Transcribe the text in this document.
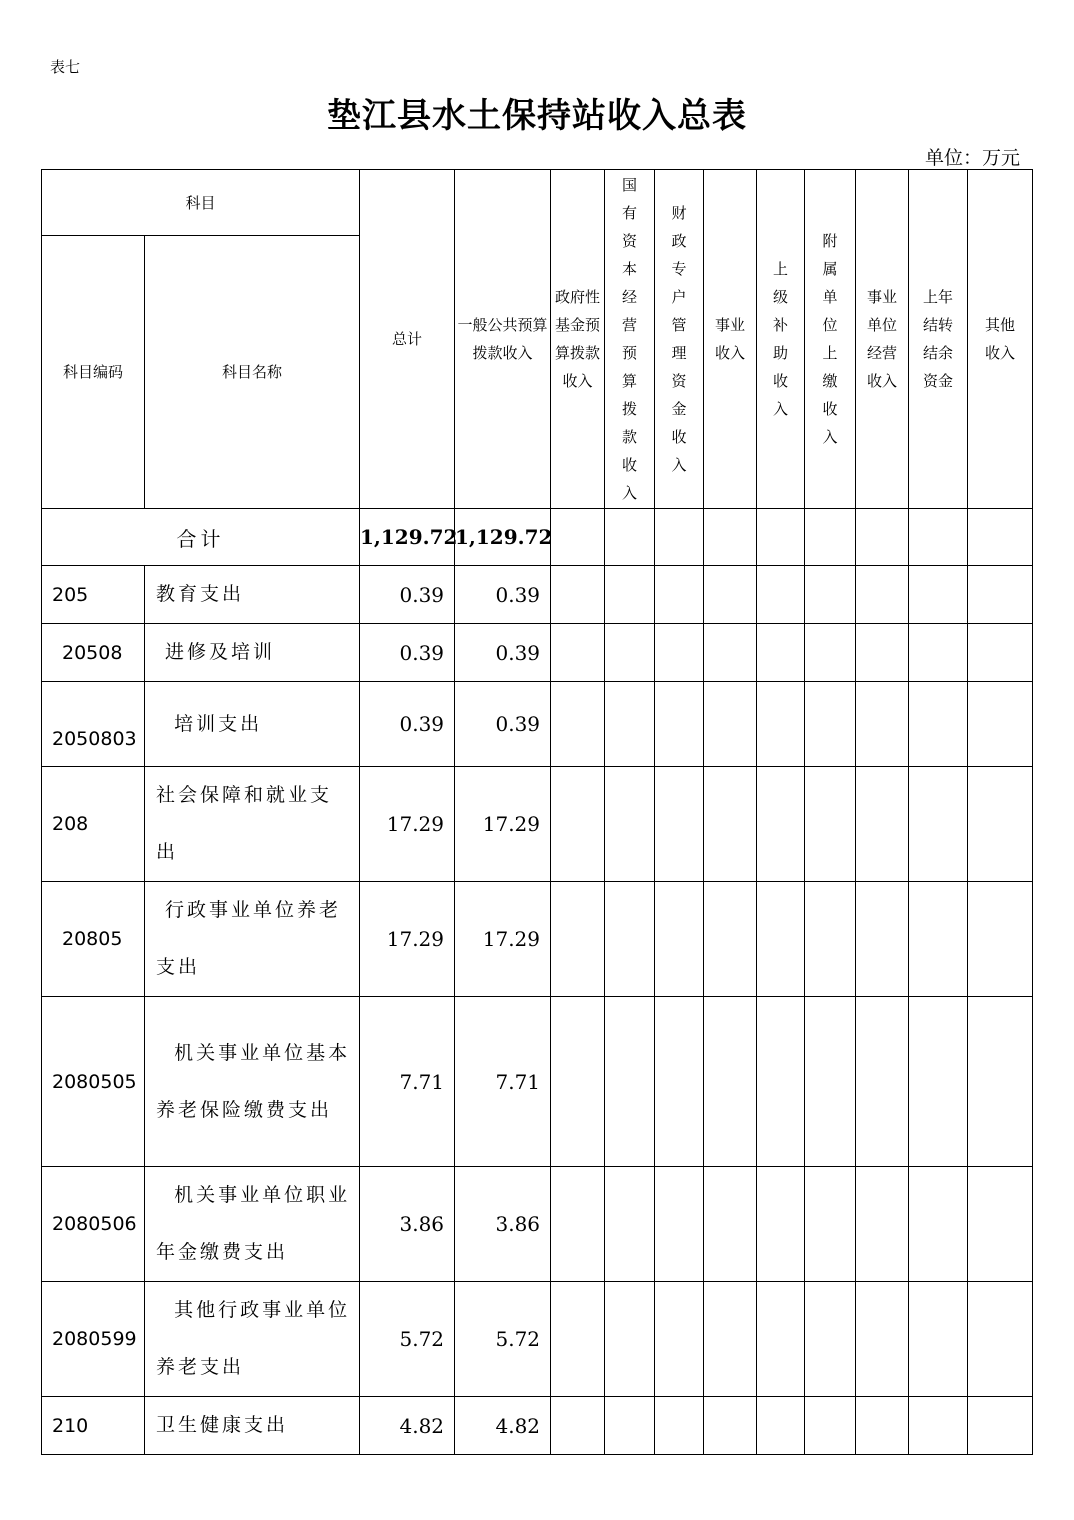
表七
垫江县水土保持站收入总表
单位：万元
科目		总计	一般公共预算拨款收入	政府性基金预算拨款收入	国有资本经营预算拨款收入	财政专户管理资金收入	事业收入	上级补助收入	附属单位上缴收入	事业单位经营收入	上年结转结余资金	其他收入

科目编码	科目名称											
合计		1,129.72	1,129.72									
205	教育支出	0.39	0.39									
20508	进修及培训	0.39	0.39									
2050803	培训支出	0.39	0.39									
208	社会保障和就业支出	17.29	17.29									
20805	行政事业单位养老支出	17.29	17.29									
2080505	机关事业单位基本养老保险缴费支出	7.71	7.71									
2080506	机关事业单位职业年金缴费支出	3.86	3.86									
2080599	其他行政事业单位养老支出	5.72	5.72									
210	卫生健康支出	4.82	4.82									
